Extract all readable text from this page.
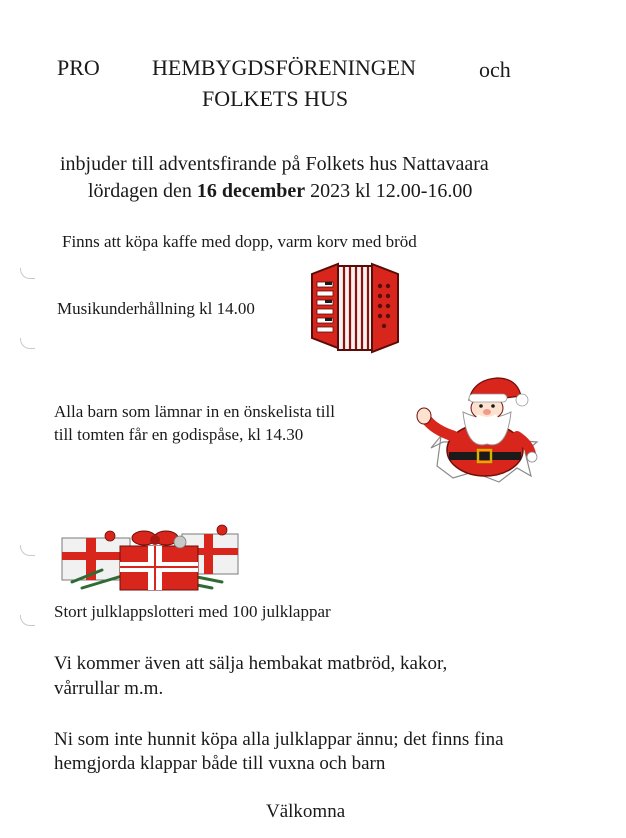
PRO HEMBYGDSFÖRENINGEN	och
FOLKETS HUS
inbjuder till adventsfirande på Folkets hus Nattavaara
lördagen den 16 december 2023 kl 12.00-16.00
Finns att köpa kaffe med dopp, varm korv med bröd
Musikunderhållning kl 14.00
Alla barn som lämnar in en önskelista till
till tomten får en godispåse, kl 14.30
Stort julklappslotteri med 100 julklappar
Vi kommer även att sälja hembakat matbröd, kakor,
vårrullar m.m.
Ni som inte hunnit köpa alla julklappar ännu; det finns fina
hemgjorda klappar både till vuxna och barn
Välkomna
